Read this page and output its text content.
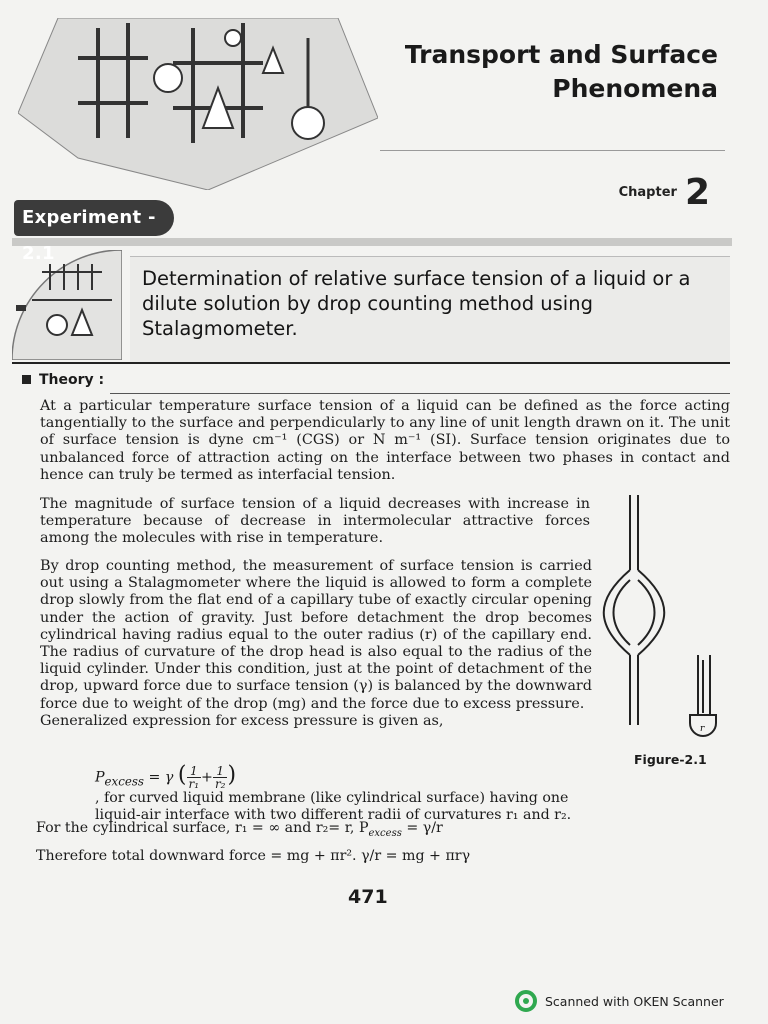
Transport and Surface
Phenomena
Chapter 2
Experiment - 2.1
Determination of relative surface tension of a liquid or a dilute solution by drop counting method using Stalagmometer.
Theory :
At a particular temperature surface tension of a liquid can be defined as the force acting tangentially to the surface and perpendicularly to any line of unit length drawn on it. The unit of surface tension is dyne cm⁻¹ (CGS) or N m⁻¹ (SI). Surface tension originates due to unbalanced force of attraction acting on the interface between two phases in contact and hence can truly be termed as interfacial tension.
The magnitude of surface tension of a liquid decreases with increase in temperature because of decrease in intermolecular attractive forces among the molecules with rise in temperature.
By drop counting method, the measurement of surface tension is carried out using a Stalagmometer where the liquid is allowed to form a complete drop slowly from the flat end of a capillary tube of exactly circular opening under the action of gravity. Just before detachment the drop becomes cylindrical having radius equal to the outer radius (r) of the capillary end. The radius of curvature of the drop head is also equal to the radius of the liquid cylinder. Under this condition, just at the point of detachment of the drop, upward force due to surface tension (γ) is balanced by the downward force due to weight of the drop (mg) and the force due to excess pressure.
Generalized expression for excess pressure is given as,
r
Figure-2.1
$P_{excess} = \gamma$ ( $\frac{1}{\text{r₁}} + \frac{1}{\text{r₂}}$ ) , for curved liquid membrane (like cylindrical surface) having one liquid-air interface with two different radii of curvatures r₁ and r₂.
For the cylindrical surface, r₁ = ∞ and r₂= r, $P_{excess} = \gamma/r$
Therefore total downward force = mg + πr². γ/r = mg + πrγ
471
Scanned with OKEN Scanner
